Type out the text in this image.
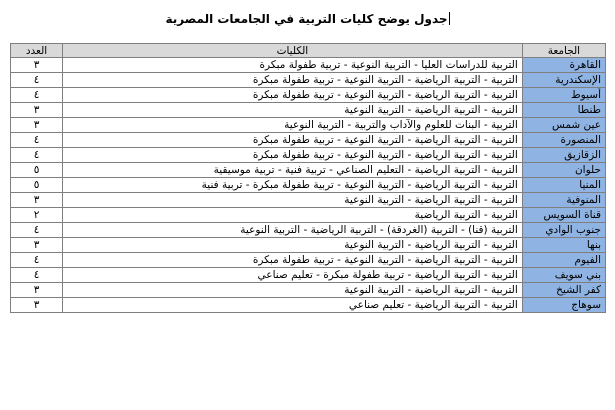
جدول يوضح كليات التربية في الجامعات المصرية
الجامعة	الكليات	العدد
القاهرة	التربية للدراسات العليا - التربية النوعية - تربية طفولة مبكرة	٣
الإسكندرية	التربية - التربية الرياضية - التربية النوعية - تربية طفولة مبكرة	٤
أسيوط	التربية - التربية الرياضية - التربية النوعية - تربية طفولة مبكرة	٤
طنطا	التربية - التربية الرياضية - التربية النوعية	٣
عين شمس	التربية - البنات للعلوم والآداب والتربية - التربية النوعية	٣
المنصورة	التربية - التربية الرياضية - التربية النوعية - تربية طفولة مبكرة	٤
الزقازيق	التربية - التربية الرياضية - التربية النوعية - تربية طفولة مبكرة	٤
حلوان	التربية - التربية الرياضية - التعليم الصناعي - تربية فنية - تربية موسيقية	٥
المنيا	التربية - التربية الرياضية - التربية النوعية - تربية طفولة مبكرة - تربية فنية	٥
المنوفية	التربية - التربية الرياضية - التربية النوعية	٣
قناة السويس	التربية - التربية الرياضية	٢
جنوب الوادي	التربية (قنا) - التربية (الغردقة) - التربية الرياضية - التربية النوعية	٤
بنها	التربية - التربية الرياضية - التربية النوعية	٣
الفيوم	التربية - التربية الرياضية - التربية النوعية - تربية طفولة مبكرة	٤
بني سويف	التربية - التربية الرياضية - تربية طفولة مبكرة - تعليم صناعي	٤
كفر الشيخ	التربية - التربية الرياضية - التربية النوعية	٣
سوهاج	التربية - التربية الرياضية - تعليم صناعي	٣
